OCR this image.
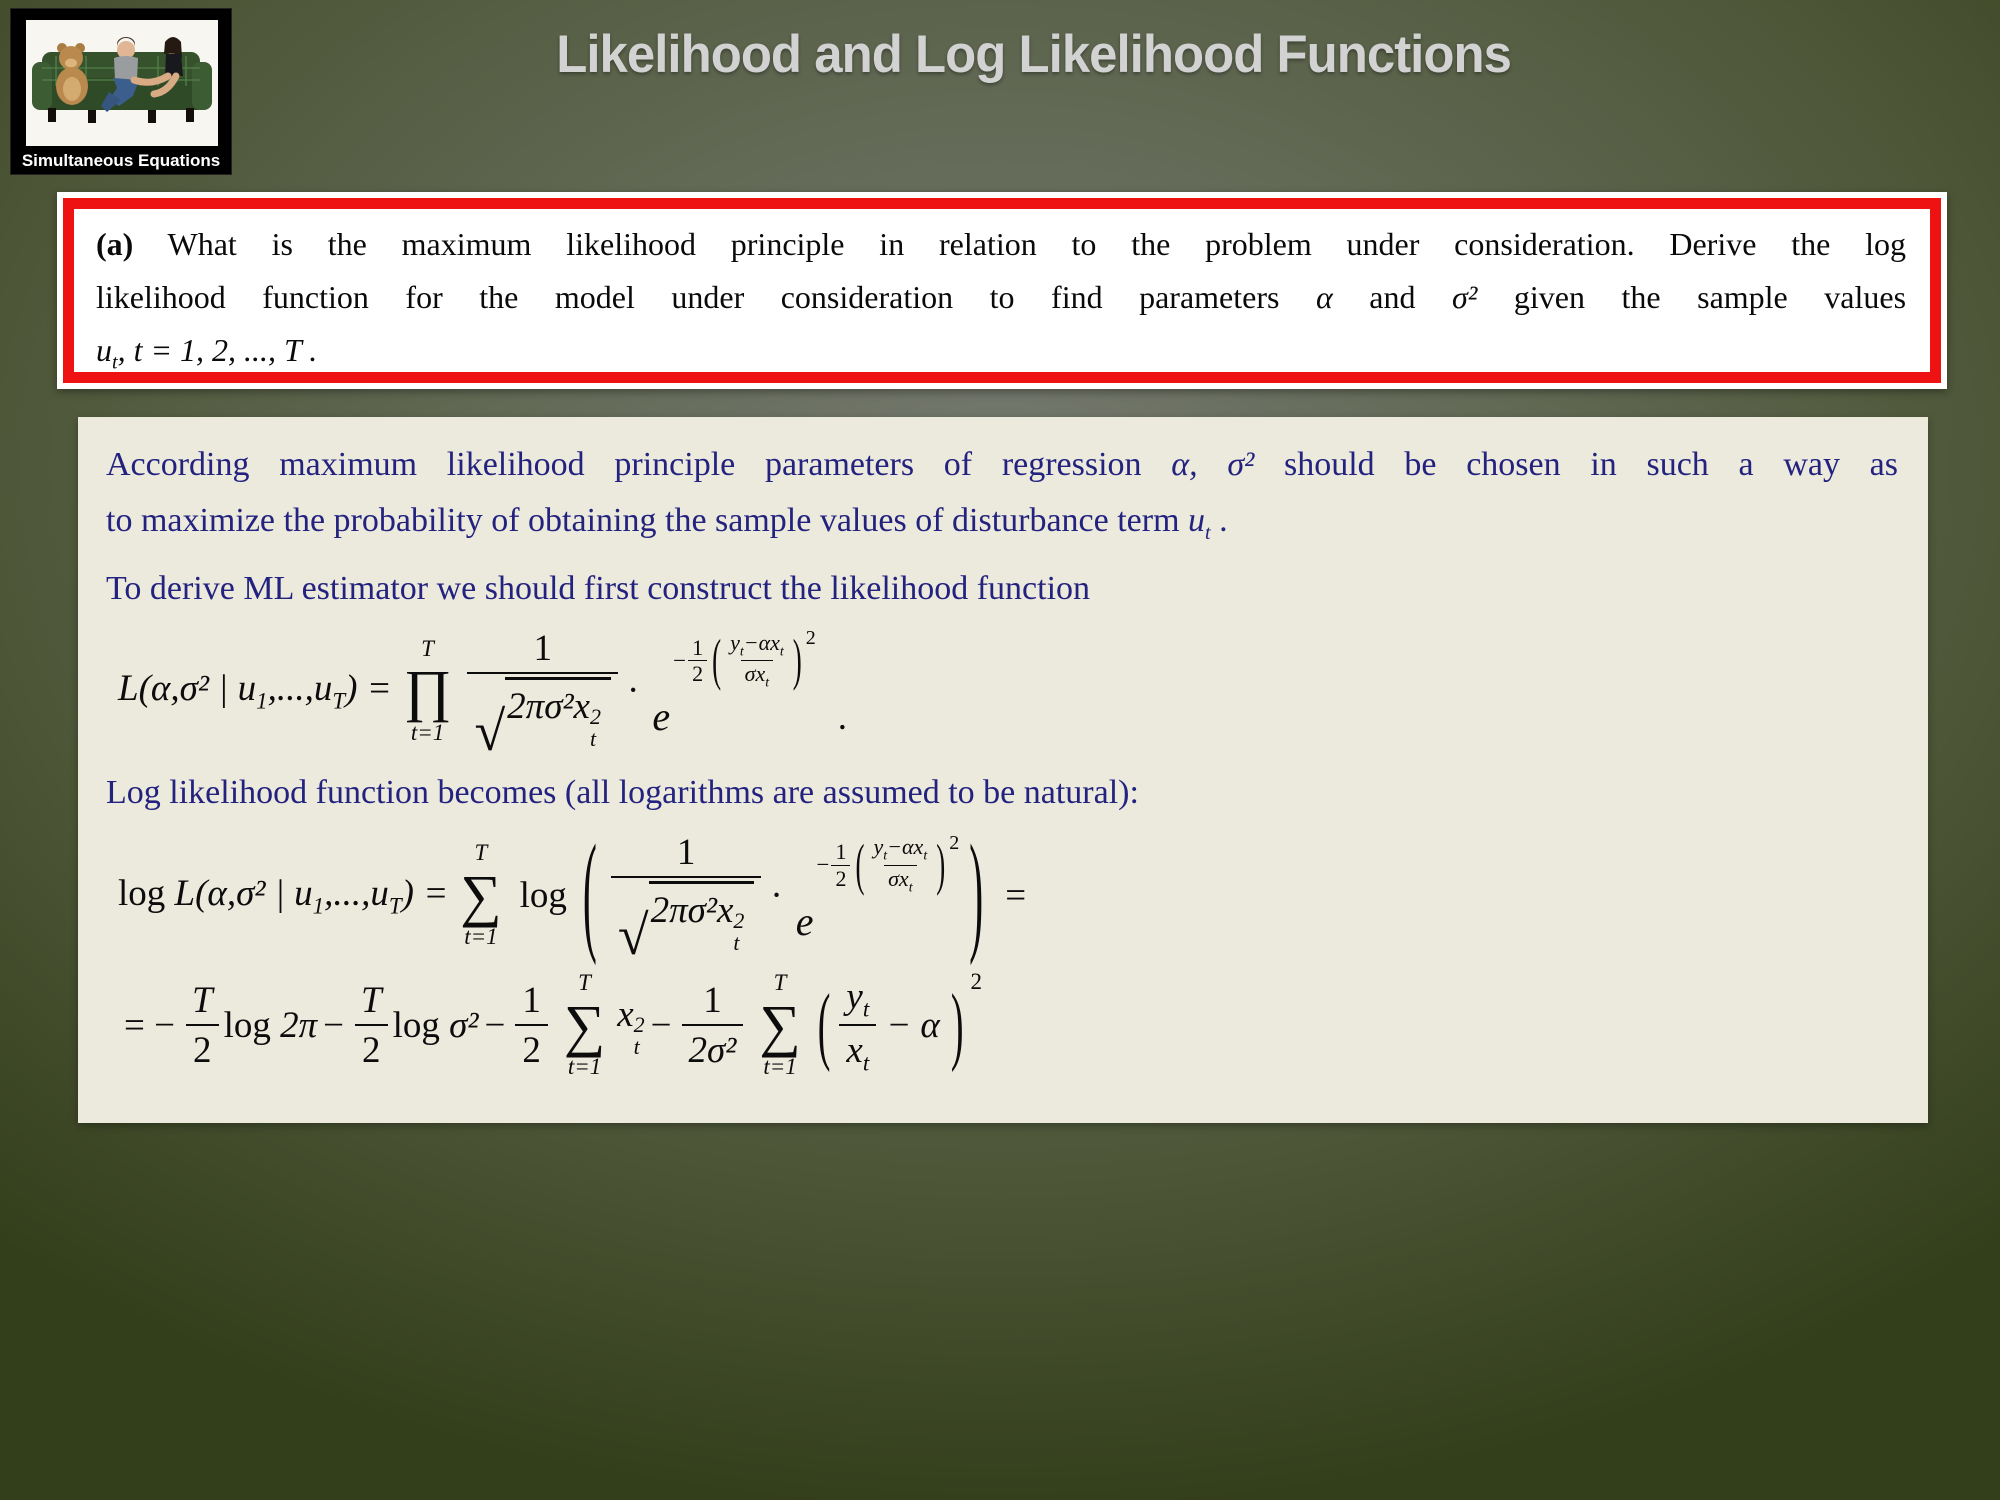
Simultaneous Equations
Likelihood and Log Likelihood Functions
(a) What is the maximum likelihood principle in relation to the problem under consideration. Derive the log
likelihood function for the model under consideration to find parameters α and σ² given the sample values
$u_t$, t = 1, 2, ..., T .
According maximum likelihood principle parameters of regression α, σ² should be chosen in such a way as
to maximize the probability of obtaining the sample values of disturbance term $u_t$ .
To derive ML estimator we should first construct the likelihood function
L(α,σ² | $u_1,...,u_T$) =
T
∏
t=1 1
√ 2πσ²x 2
t ·
e
− $\frac{1}{2}$ ( $\frac{y_t-\alpha x_t}{\sigma x_t}$ ) 2
.
Log likelihood function becomes (all logarithms are assumed to be natural):
log L(α,σ² | $u_1,...,u_T$) =
T
∑
t=1
log ( 1
√ 2πσ²x 2
t ·
e
− $\frac{1}{2}$ ( $\frac{y_t-\alpha x_t}{\sigma x_t}$ ) 2 ) =
= − $\frac{T}{2}$ $\log 2\pi - \frac{T}{2}$ $\log \sigma^2 - \frac{1}{2}$ T
∑
t=1
x 2
t
− $\frac{1}{\text{2σ²}}$ T
∑
t=1 ( $\frac{y_t}{x_t} - \alpha$ ) 2
